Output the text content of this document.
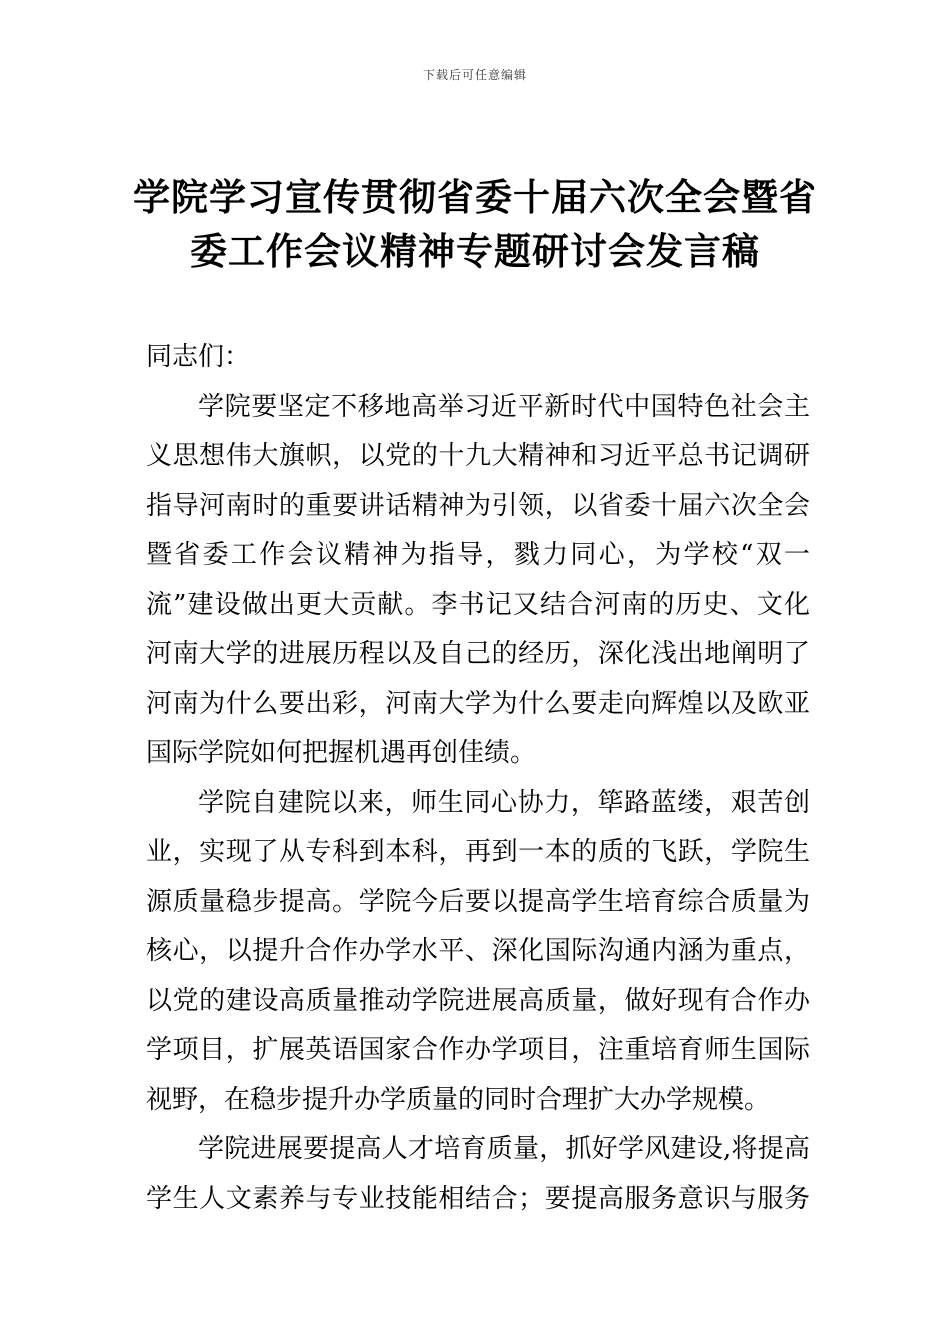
下载后可任意编辑
学院学习宣传贯彻省委十届六次全会暨省
委工作会议精神专题研讨会发言稿
同志们：
学院要坚定不移地高举习近平新时代中国特色社会主
义思想伟大旗帜，以党的十九大精神和习近平总书记调研
指导河南时的重要讲话精神为引领，以省委十届六次全会
暨省委工作会议精神为指导，戮力同心，为学校“双一
流”建设做出更大贡献。李书记又结合河南的历史、文化
河南大学的进展历程以及自己的经历，深化浅出地阐明了
河南为什么要出彩，河南大学为什么要走向辉煌以及欧亚
国际学院如何把握机遇再创佳绩。
学院自建院以来，师生同心协力，筚路蓝缕，艰苦创
业，实现了从专科到本科，再到一本的质的飞跃，学院生
源质量稳步提高。学院今后要以提高学生培育综合质量为
核心，以提升合作办学水平、深化国际沟通内涵为重点，
以党的建设高质量推动学院进展高质量，做好现有合作办
学项目，扩展英语国家合作办学项目，注重培育师生国际
视野，在稳步提升办学质量的同时合理扩大办学规模。
学院进展要提高人才培育质量，抓好学风建设,将提高
学生人文素养与专业技能相结合；要提高服务意识与服务
